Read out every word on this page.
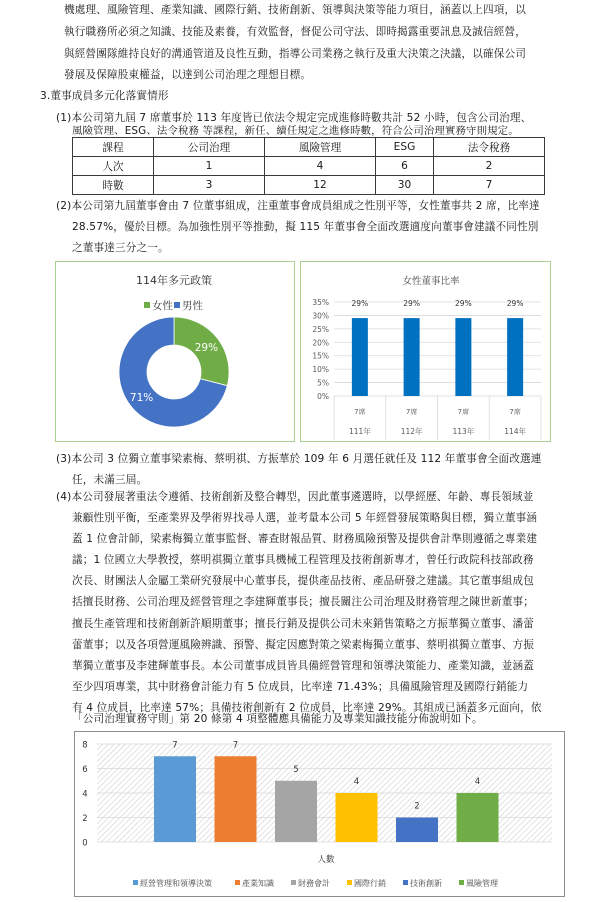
機處理、風險管理、產業知識、國際行銷、技術創新、領導與決策等能力項目，涵蓋以上四項，以
執行職務所必須之知識、技能及素養，有效監督，督促公司守法、即時揭露重要訊息及誠信經營，
與經營團隊維持良好的溝通管道及良性互動，指導公司業務之執行及重大決策之決議，以確保公司
發展及保障股東權益，以達到公司治理之理想目標。
3.董事成員多元化落實情形
(1)本公司第九屆 7 席董事於 113 年度皆已依法令規定完成進修時數共計 52 小時，包含公司治理、
風險管理、ESG、法令稅務 等課程，新任、續任規定之進修時數，符合公司治理實務守則規定。
課程	公司治理	風險管理	ESG	法令稅務
人次	1	4	6	2
時數	3	12	30	7
(2)本公司第九屆董事會由 7 位董事組成，注重董事會成員組成之性別平等，女性董事共 2 席，比率達
28.57%，優於目標。為加強性別平等推動，擬 115 年董事會全面改選適度向董事會建議不同性別
之董事達三分之一。
114年多元政策
女性 男性
29%
71%
女性董事比率
0%
5%
10%
15%
20%
25%
30%
35%	29%
7席
111年
29%
7席
112年
29%
7席
113年
29%
7席
114年
(3)本公司 3 位獨立董事梁素梅、蔡明祺、方振華於 109 年 6 月選任就任及 112 年董事會全面改選連
任，未滿三屆。
(4)本公司發展著重法令遵循、技術創新及整合轉型，因此董事遴選時，以學經歷、年齡、專長領域並
兼顧性別平衡，至產業界及學術界找尋人選，並考量本公司 5 年經營發展策略與目標，獨立董事涵
蓋 1 位會計師，梁素梅獨立董事監督、審查財報品質、財務風險預警及提供會計準則遵循之專業建
議；1 位國立大學教授，蔡明祺獨立董事具機械工程管理及技術創新專才，曾任行政院科技部政務
次長、財團法人金屬工業研究發展中心董事長，提供產品技術、產品研發之建議。其它董事組成包
括擅長財務、公司治理及經營管理之李建輝董事長；擅長關注公司治理及財務管理之陳世新董事；
擅長生產管理和技術創新許順期董事；擅長行銷及提供公司未來銷售策略之方振華獨立董事、潘蕾
蕾董事；以及各項營運風險辨識、預警、擬定因應對策之梁素梅獨立董事、蔡明祺獨立董事、方振
華獨立董事及李建輝董事長。本公司董事成員皆具備經營管理和領導決策能力、產業知識，並涵蓋
至少四項專業，其中財務會計能力有 5 位成員，比率達 71.43%；具備風險管理及國際行銷能力
有 4 位成員，比率達 57%；具備技術創新有 2 位成員，比率達 29%。其組成已涵蓋多元面向，依
「公司治理實務守則」第 20 條第 4 項整體應具備能力及專業知識技能分佈說明如下。
0
2
4
6
8	7	7
5
4
2
4
人數
經營管理和領導決策	產業知識	財務會計	國際行銷	技術創新	風險管理
